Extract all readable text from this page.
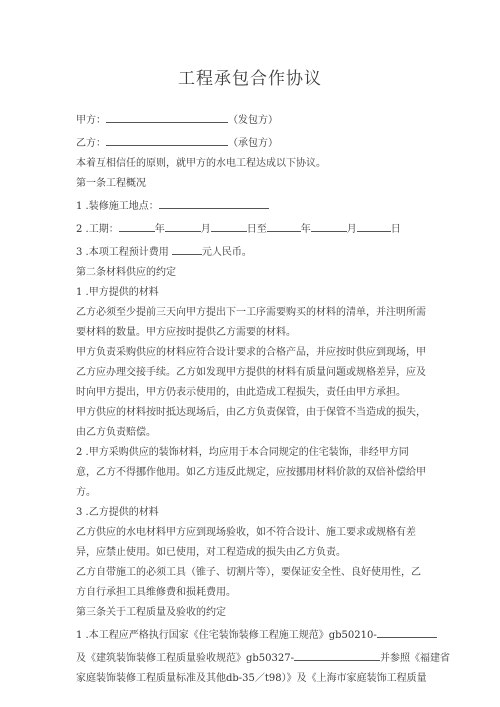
工程承包合作协议
甲方：	（发包方）
乙方：	（承包方）
本着互相信任的原则，就甲方的水电工程达成以下协议。
第一条工程概况
1 .装修施工地点：
2 .工期：	年	月	日至	年	月	日
3 .本项工程预计费用	元人民币。
第二条材料供应的约定
1 .甲方提供的材料
乙方必须至少提前三天向甲方提出下一工序需要购买的材料的清单，并注明所需要材料的数量。甲方应按时提供乙方需要的材料。
甲方负责采购供应的材料应符合设计要求的合格产品，并应按时供应到现场，甲乙方应办理交接手续。乙方如发现甲方提供的材料有质量问题或规格差异，应及时向甲方提出，甲方仍表示使用的，由此造成工程损失，责任由甲方承担。
甲方供应的材料按时抵达现场后，由乙方负责保管，由于保管不当造成的损失，由乙方负责赔偿。
2 .甲方采购供应的装饰材料，均应用于本合同规定的住宅装饰，非经甲方同意，乙方不得挪作他用。如乙方违反此规定，应按挪用材料价款的双倍补偿给甲方。
3 .乙方提供的材料
乙方供应的水电材料甲方应到现场验收，如不符合设计、施工要求或规格有差异，应禁止使用。如已使用，对工程造成的损失由乙方负责。
乙方自带施工的必须工具（锥子、切割片等），要保证安全性、良好使用性，乙方自行承担工具维修费和损耗费用。
第三条关于工程质量及验收的约定
1 .本工程应严格执行国家《住宅装饰装修工程施工规范》gb50210-
及《建筑装饰装修工程质量验收规范》gb50327-	并参照《福建省
家庭装饰装修工程质量标准及其他db-35／t98）》及《上海市家庭装饰工程质量
